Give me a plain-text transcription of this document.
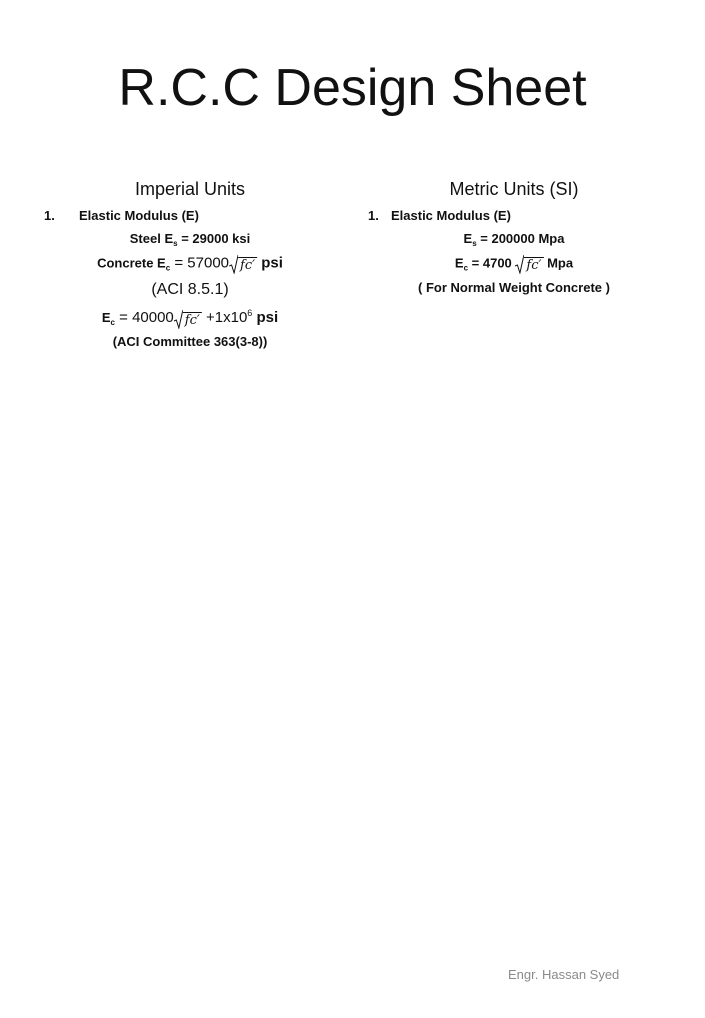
R.C.C Design Sheet
Imperial Units
1. Elastic Modulus (E)
Steel $E_s = 29000$ ksi
Concrete $E_c = 57000$ fc′ psi
(ACI 8.5.1)
$E_c = 40000$ $fc' +1x10^6$ psi
(ACI Committee 363(3-8))
Metric Units (SI)
1. Elastic Modulus (E)
$E_s = 200000$ Mpa
$E_c = 4700$ fc′ Mpa
( For Normal Weight Concrete )
Engr. Hassan Syed
